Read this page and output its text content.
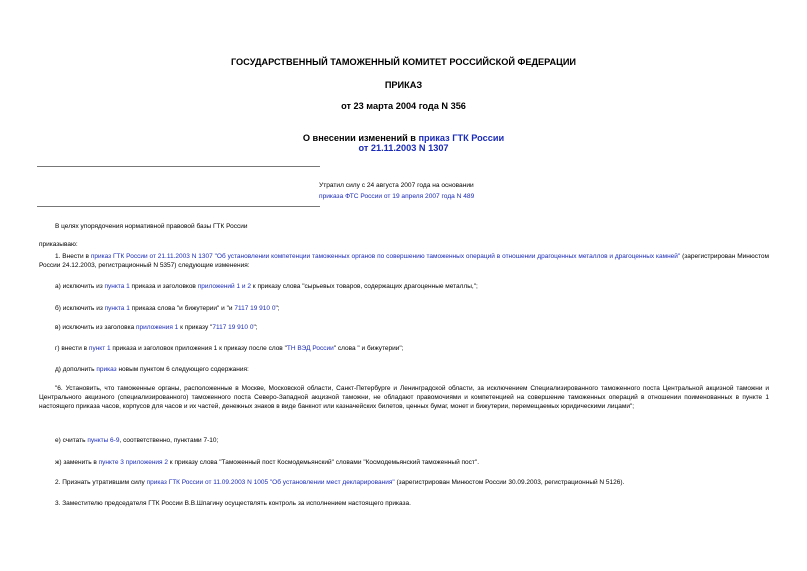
ГОСУДАРСТВЕННЫЙ ТАМОЖЕННЫЙ КОМИТЕТ РОССИЙСКОЙ ФЕДЕРАЦИИ
ПРИКАЗ
от 23 марта 2004 года N 356
О внесении изменений в приказ ГТК России
от 21.11.2003 N 1307
Утратил силу с 24 августа 2007 года на основании
приказа ФТС России от 19 апреля 2007 года N 489
В целях упорядочения нормативной правовой базы ГТК России
приказываю:
1. Внести в приказ ГТК России от 21.11.2003 N 1307 "Об установлении компетенции таможенных органов по совершению таможенных операций в отношении драгоценных металлов и драгоценных камней" (зарегистрирован Минюстом России 24.12.2003, регистрационный N 5357) следующие изменения:
а) исключить из пункта 1 приказа и заголовков приложений 1 и 2 к приказу слова "сырьевых товаров, содержащих драгоценные металлы,";
б) исключить из пункта 1 приказа слова "и бижутерии" и "и 7117 19 910 0";
в) исключить из заголовка приложения 1 к приказу "7117 19 910 0";
г) внести в пункт 1 приказа и заголовок приложения 1 к приказу после слов "ТН ВЭД России" слова " и бижутерии";
д) дополнить приказ новым пунктом 6 следующего содержания:
"6. Установить, что таможенные органы, расположенные в Москве, Московской области, Санкт-Петербурге и Ленинградской области, за исключением Специализированного таможенного поста Центральной акцизной таможни и Центрального акцизного (специализированного) таможенного поста Северо-Западной акцизной таможни, не обладают правомочиями и компетенцией на совершение таможенных операций в отношении поименованных в пункте 1 настоящего приказа часов, корпусов для часов и их частей, денежных знаков в виде банкнот или казначейских билетов, ценных бумаг, монет и бижутерии, перемещаемых юридическими лицами";
е) считать пункты 6-9, соответственно, пунктами 7-10;
ж) заменить в пункте 3 приложения 2 к приказу слова "Таможенный пост Космодемьянский" словами "Космодемьянский таможенный пост".
2. Признать утратившим силу приказ ГТК России от 11.09.2003 N 1005 "Об установлении мест декларирования" (зарегистрирован Минюстом России 30.09.2003, регистрационный N 5126).
3. Заместителю председателя ГТК России В.В.Шпагину осуществлять контроль за исполнением настоящего приказа.
